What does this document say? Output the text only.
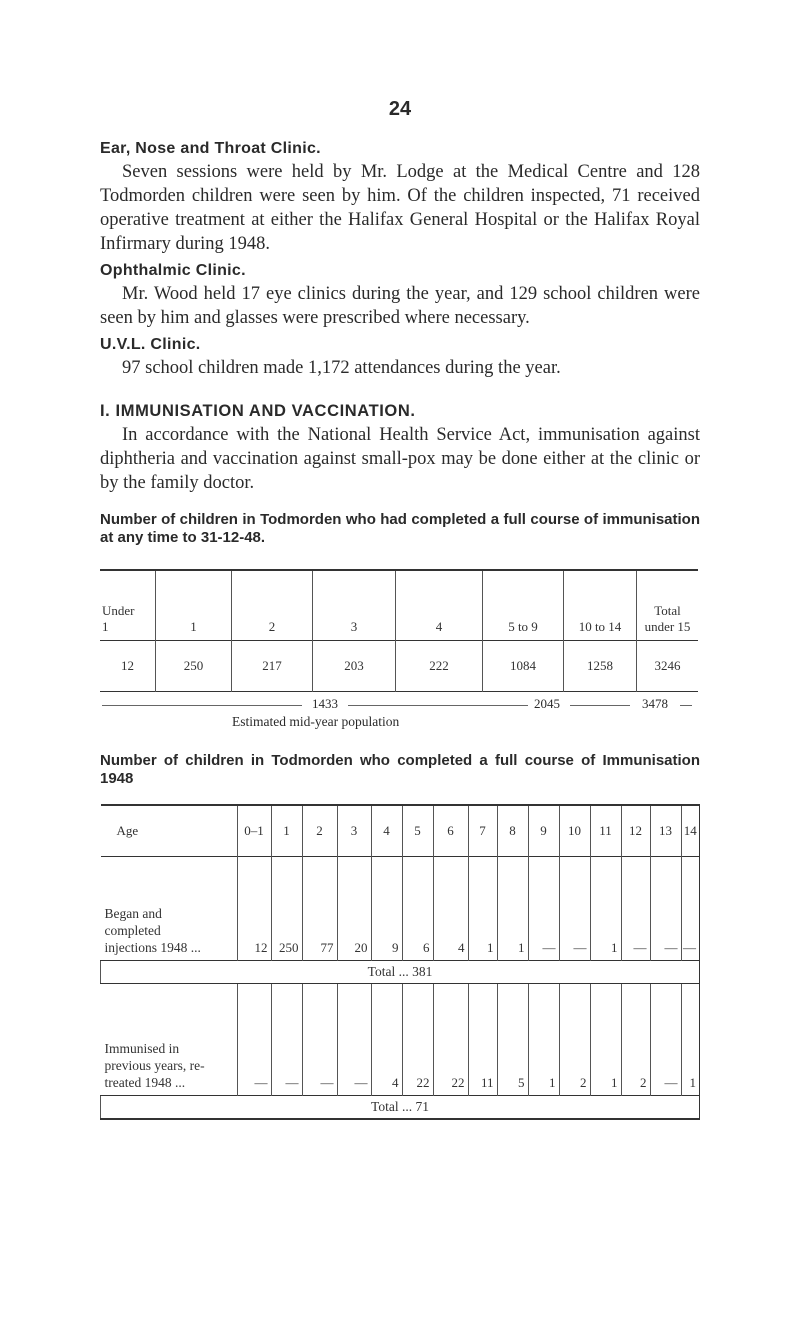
24

Ear, Nose and Throat Clinic.

Seven sessions were held by Mr. Lodge at the Medical Centre and 128 Todmorden children were seen by him. Of the children inspected, 71 received operative treatment at either the Halifax General Hospital or the Halifax Royal Infirmary during 1948.

Ophthalmic Clinic.

Mr. Wood held 17 eye clinics during the year, and 129 school children were seen by him and glasses were prescribed where necessary.

U.V.L. Clinic.

97 school children made 1,172 attendances during the year.

I. IMMUNISATION AND VACCINATION.

In accordance with the National Health Service Act, immunisation against diphtheria and vaccination against small-pox may be done either at the clinic or by the family doctor.

Number of children in Todmorden who had completed a full course of immunisation at any time to 31-12-48.

Under
1	1	2	3	4	5 to 9	10 to 14	Total
under 15
12	250	217	203	222	1084	1258	3246
1433	2045	3478
Estimated mid-year population

Number of children in Todmorden who completed a full course of Immunisation 1948

Age	0–1	1	2	3	4	5	6	7	8	9	10	11	12	13	14

Began and completed injections 1948 ...	12	250	77	20	9	6	4	1	1	—	—	1	—	—	—
Total ... 381															

Immunised in previous years, re-treated 1948 ...	—	—	—	—	4	22	22	11	5	1	2	1	2	—	1
Total ... 71															
